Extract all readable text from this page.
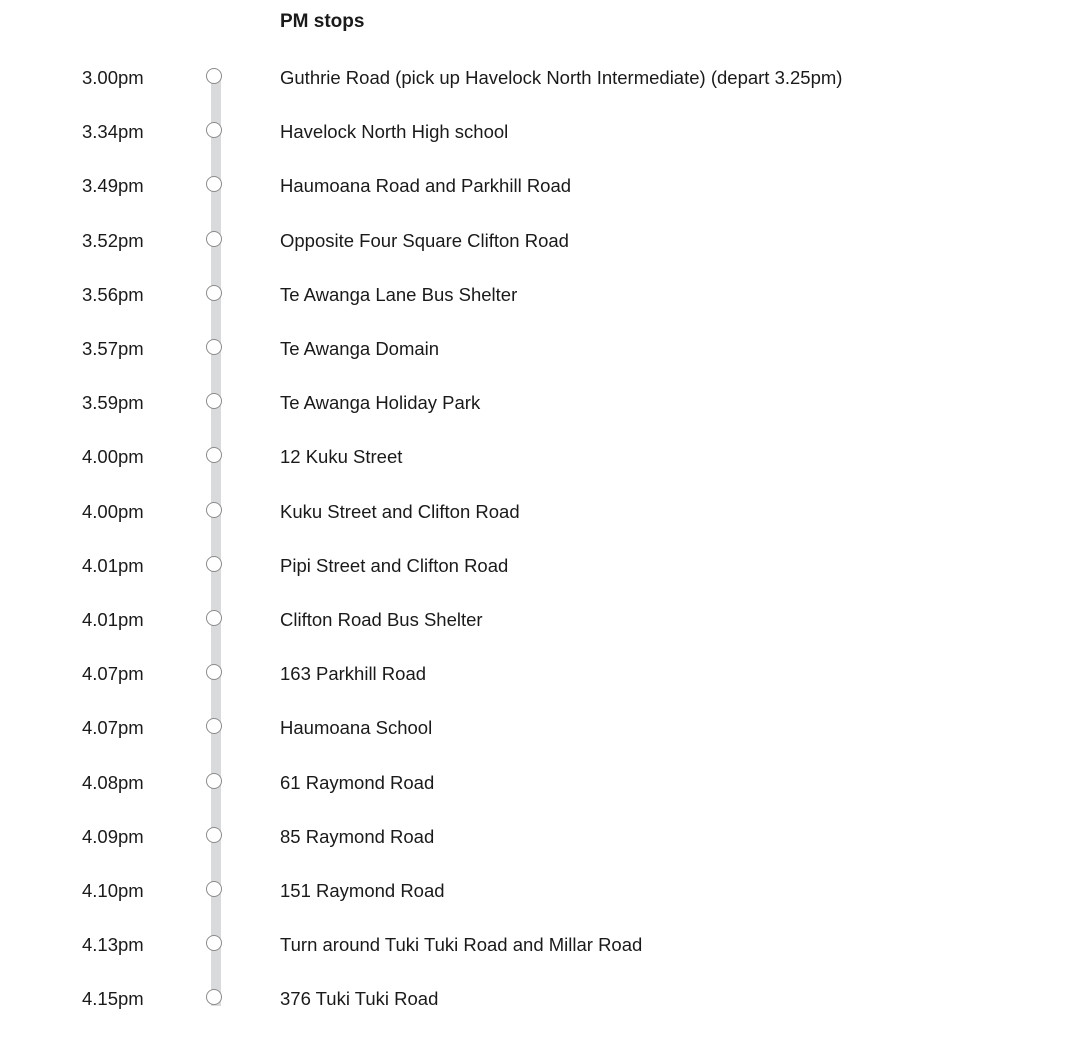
PM stops
3.00pm	Guthrie Road (pick up Havelock North Intermediate) (depart 3.25pm)
3.34pm	Havelock North High school
3.49pm	Haumoana Road and Parkhill Road
3.52pm	Opposite Four Square Clifton Road
3.56pm	Te Awanga Lane Bus Shelter
3.57pm	Te Awanga Domain
3.59pm	Te Awanga Holiday Park
4.00pm	12 Kuku Street
4.00pm	Kuku Street and Clifton Road
4.01pm	Pipi Street and Clifton Road
4.01pm	Clifton Road Bus Shelter
4.07pm	163 Parkhill Road
4.07pm	Haumoana School
4.08pm	61 Raymond Road
4.09pm	85 Raymond Road
4.10pm	151 Raymond Road
4.13pm	Turn around Tuki Tuki Road and Millar Road
4.15pm	376 Tuki Tuki Road
